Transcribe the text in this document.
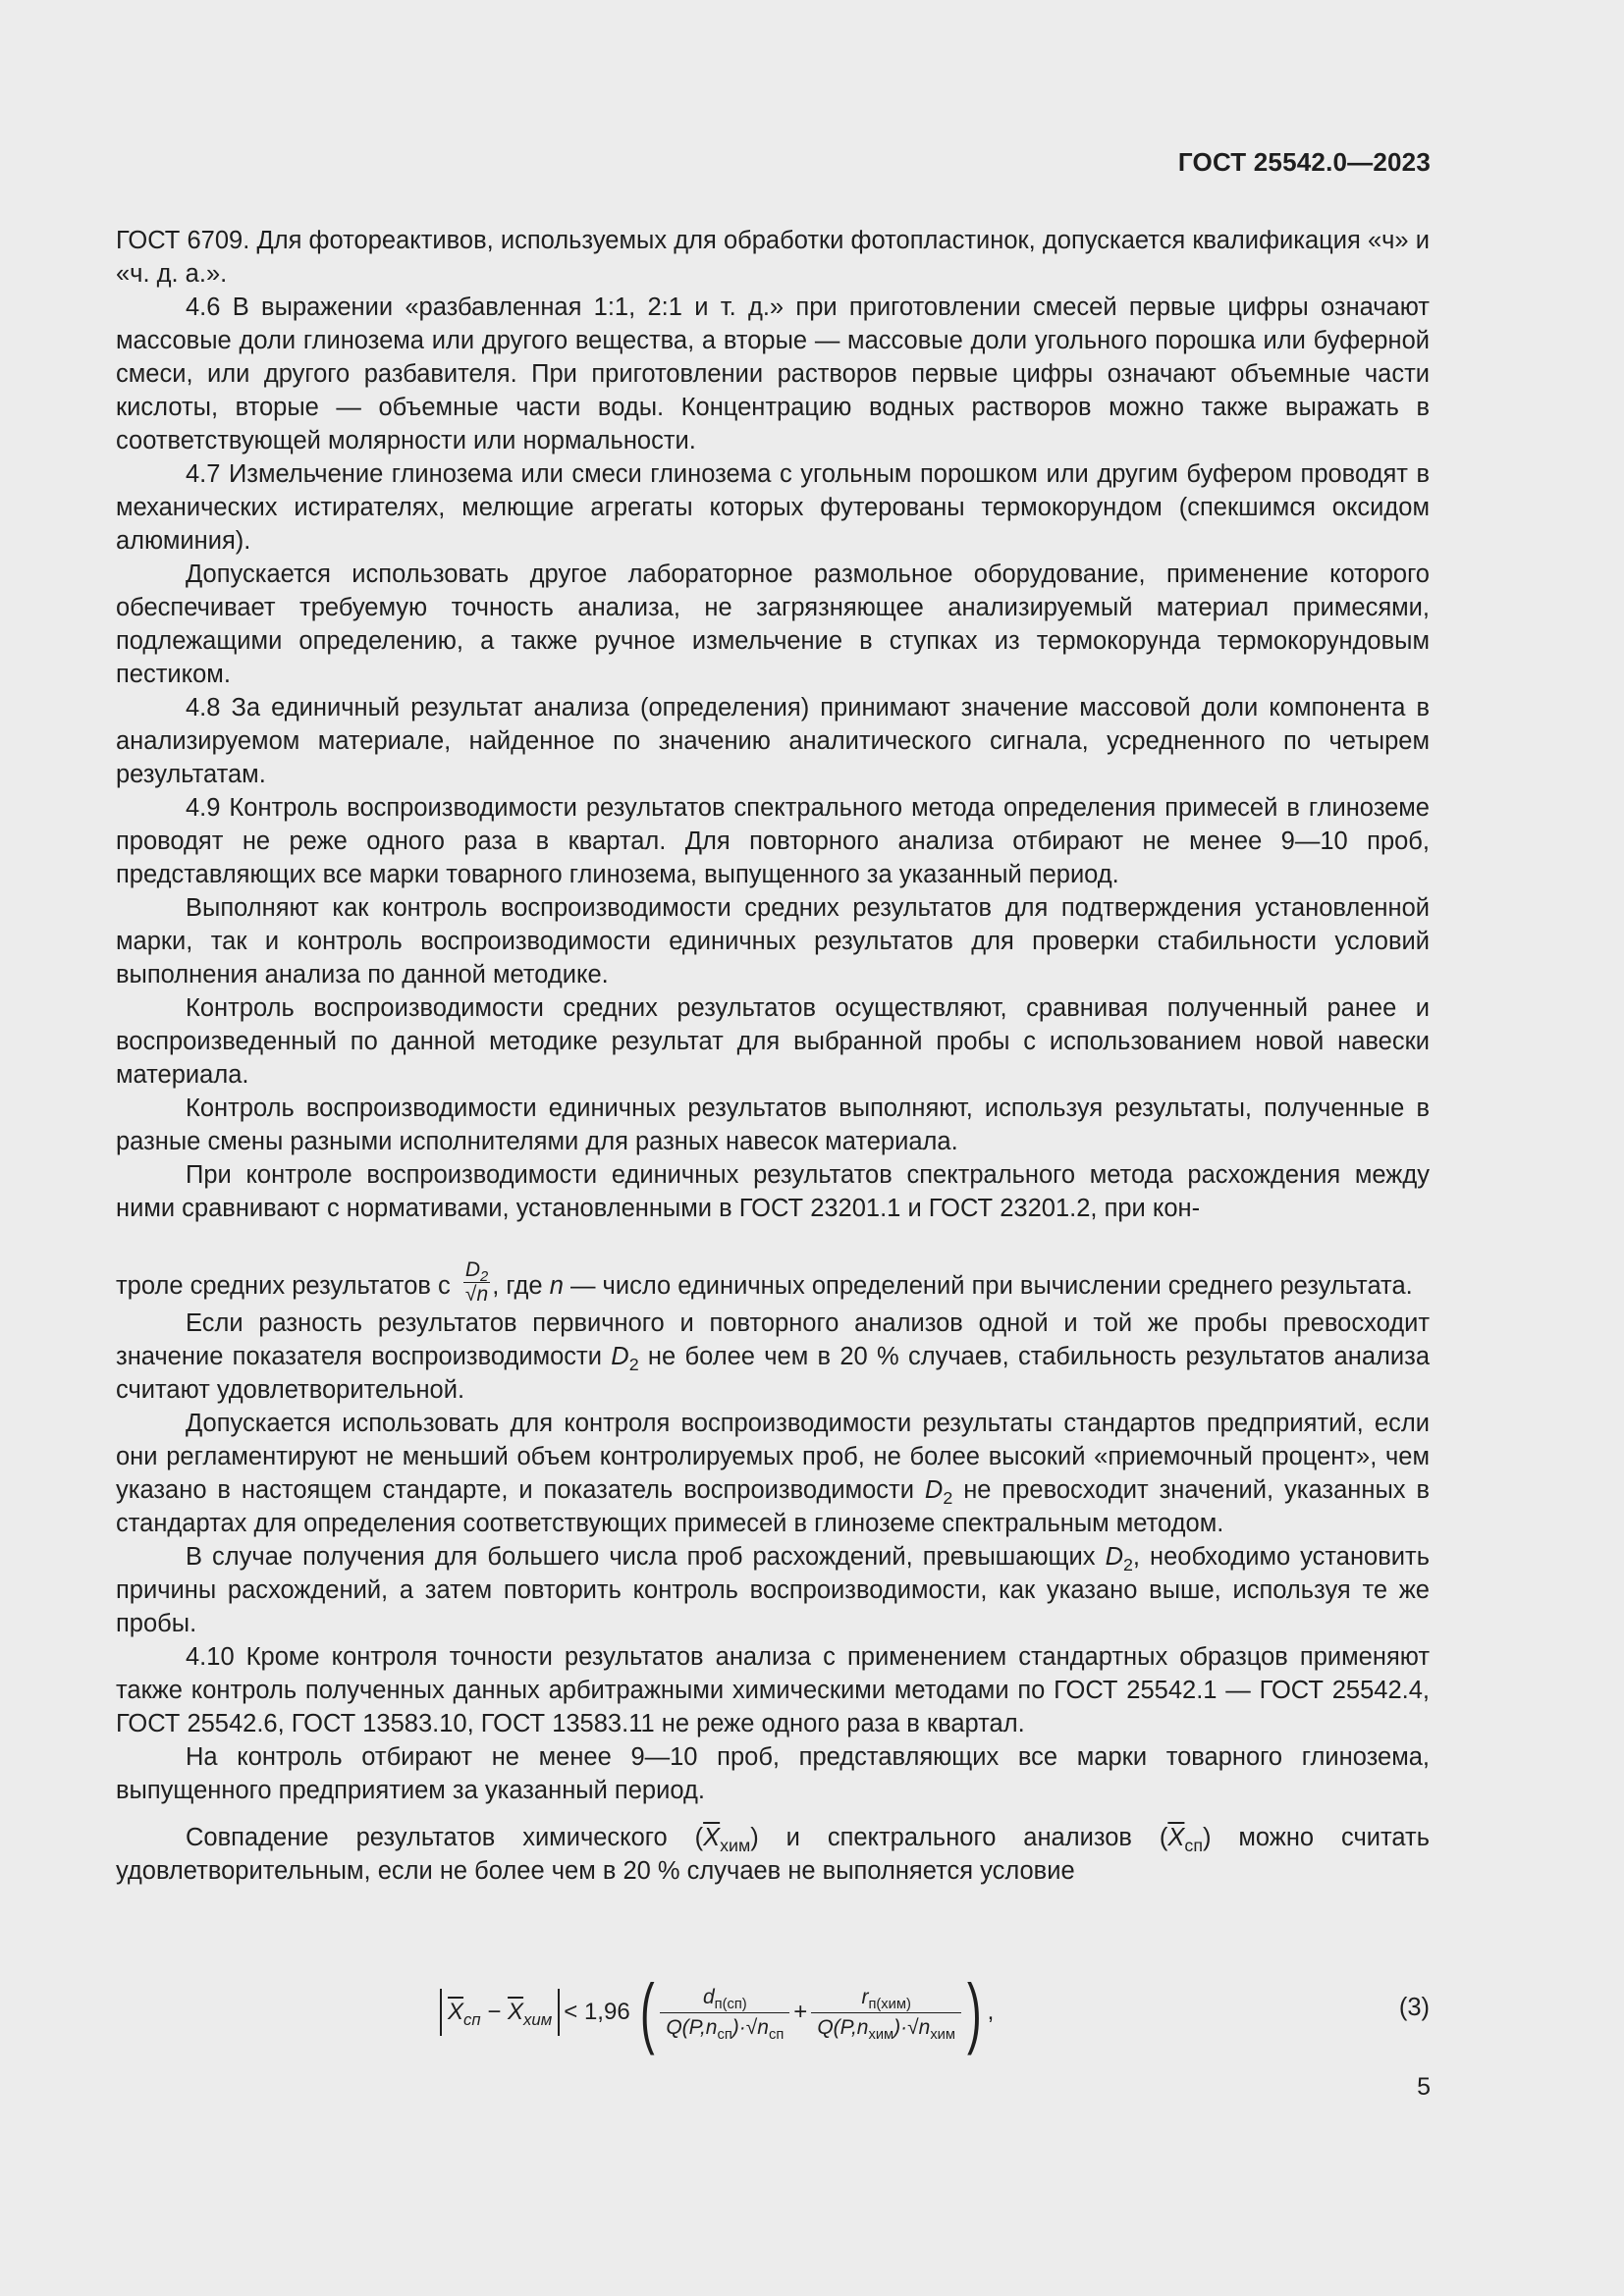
ГОСТ 25542.0—2023

ГОСТ 6709. Для фотореактивов, используемых для обработки фотопластинок, допускается квалификация «ч» и «ч. д. а.».

4.6 В выражении «разбавленная 1:1, 2:1 и т. д.» при приготовлении смесей первые цифры означают массовые доли глинозема или другого вещества, а вторые — массовые доли угольного порошка или буферной смеси, или другого разбавителя. При приготовлении растворов первые цифры означают объемные части кислоты, вторые — объемные части воды. Концентрацию водных растворов можно также выражать в соответствующей молярности или нормальности.

4.7 Измельчение глинозема или смеси глинозема с угольным порошком или другим буфером проводят в механических истирателях, мелющие агрегаты которых футерованы термокорундом (спекшимся оксидом алюминия).

Допускается использовать другое лабораторное размольное оборудование, применение которого обеспечивает требуемую точность анализа, не загрязняющее анализируемый материал примесями, подлежащими определению, а также ручное измельчение в ступках из термокорунда термокорундовым пестиком.

4.8 За единичный результат анализа (определения) принимают значение массовой доли компонента в анализируемом материале, найденное по значению аналитического сигнала, усредненного по четырем результатам.

4.9 Контроль воспроизводимости результатов спектрального метода определения примесей в глиноземе проводят не реже одного раза в квартал. Для повторного анализа отбирают не менее 9—10 проб, представляющих все марки товарного глинозема, выпущенного за указанный период.

Выполняют как контроль воспроизводимости средних результатов для подтверждения установленной марки, так и контроль воспроизводимости единичных результатов для проверки стабильности условий выполнения анализа по данной методике.

Контроль воспроизводимости средних результатов осуществляют, сравнивая полученный ранее и воспроизведенный по данной методике результат для выбранной пробы с использованием новой навески материала.

Контроль воспроизводимости единичных результатов выполняют, используя результаты, полученные в разные смены разными исполнителями для разных навесок материала.

При контроле воспроизводимости единичных результатов спектрального метода расхождения между ними сравнивают с нормативами, установленными в ГОСТ 23201.1 и ГОСТ 23201.2, при кон-

троле средних результатов с $\frac{D_2}{√n}$ , где n — число единичных определений при вычислении среднего результата.

Если разность результатов первичного и повторного анализов одной и той же пробы превосходит значение показателя воспроизводимости $D_2$ не более чем в 20 % случаев, стабильность результатов анализа считают удовлетворительной.

Допускается использовать для контроля воспроизводимости результаты стандартов предприятий, если они регламентируют не меньший объем контролируемых проб, не более высокий «приемочный процент», чем указано в настоящем стандарте, и показатель воспроизводимости $D_2$ не превосходит значений, указанных в стандартах для определения соответствующих примесей в глиноземе спектральным методом.

В случае получения для большего числа проб расхождений, превышающих $D_2$, необходимо установить причины расхождений, а затем повторить контроль воспроизводимости, как указано выше, используя те же пробы.

4.10 Кроме контроля точности результатов анализа с применением стандартных образцов применяют также контроль полученных данных арбитражными химическими методами по ГОСТ 25542.1 — ГОСТ 25542.4, ГОСТ 25542.6, ГОСТ 13583.10, ГОСТ 13583.11 не реже одного раза в квартал.

На контроль отбирают не менее 9—10 проб, представляющих все марки товарного глинозема, выпущенного предприятием за указанный период.

Совпадение результатов химического $(\overline{X}_{хим})$ и спектрального анализов $(\overline{X}_{сп})$ можно считать удовлетворительным, если не более чем в 20 % случаев не выполняется условие

$\overline{X}_{сп} - \overline{X}_{хим} < 1,96$ (	$d_{п(сп)}$
$Q(P,n_{сп})\cdot√n_{сп}$
+
$r_{п(хим)}$
$Q(P,n_{хим})\cdot√n_{хим}$ ) ,	(3)
5
